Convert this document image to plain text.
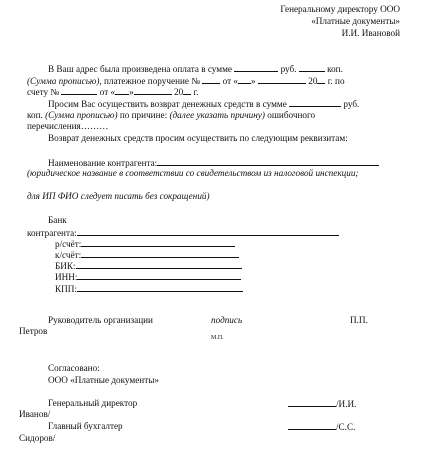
Генеральному директору ООО
«Платные документы»
И.И. Ивановой
В Ваш адрес была произведена оплата в сумме	руб.	коп.
(Сумма прописью), платежное поручение № от « »	20 г. по
счету №	от « »	20 г.
Просим Вас осуществить возврат денежных средств в сумме	руб.
коп. (Сумма прописью) по причине: (далее указать причину) ошибочного
перечисления………
Возврат денежных средств просим осуществить по следующим реквизитам:
Наименование контрагента:
(юридическое название в соответствии со свидетельством из налоговой инспекции;
для ИП ФИО следует писать без сокращений)
Банк
контрагента:
р/счёт:
к/счёт:
БИК:
ИНН:
КПП:
Руководитель организации	подпись	П.П.
Петров
М.П.
Согласовано:
ООО «Платные документы»
Генеральный директор	/И.И.
Иванов/
Главный бухгалтер	/С.С.
Сидоров/
